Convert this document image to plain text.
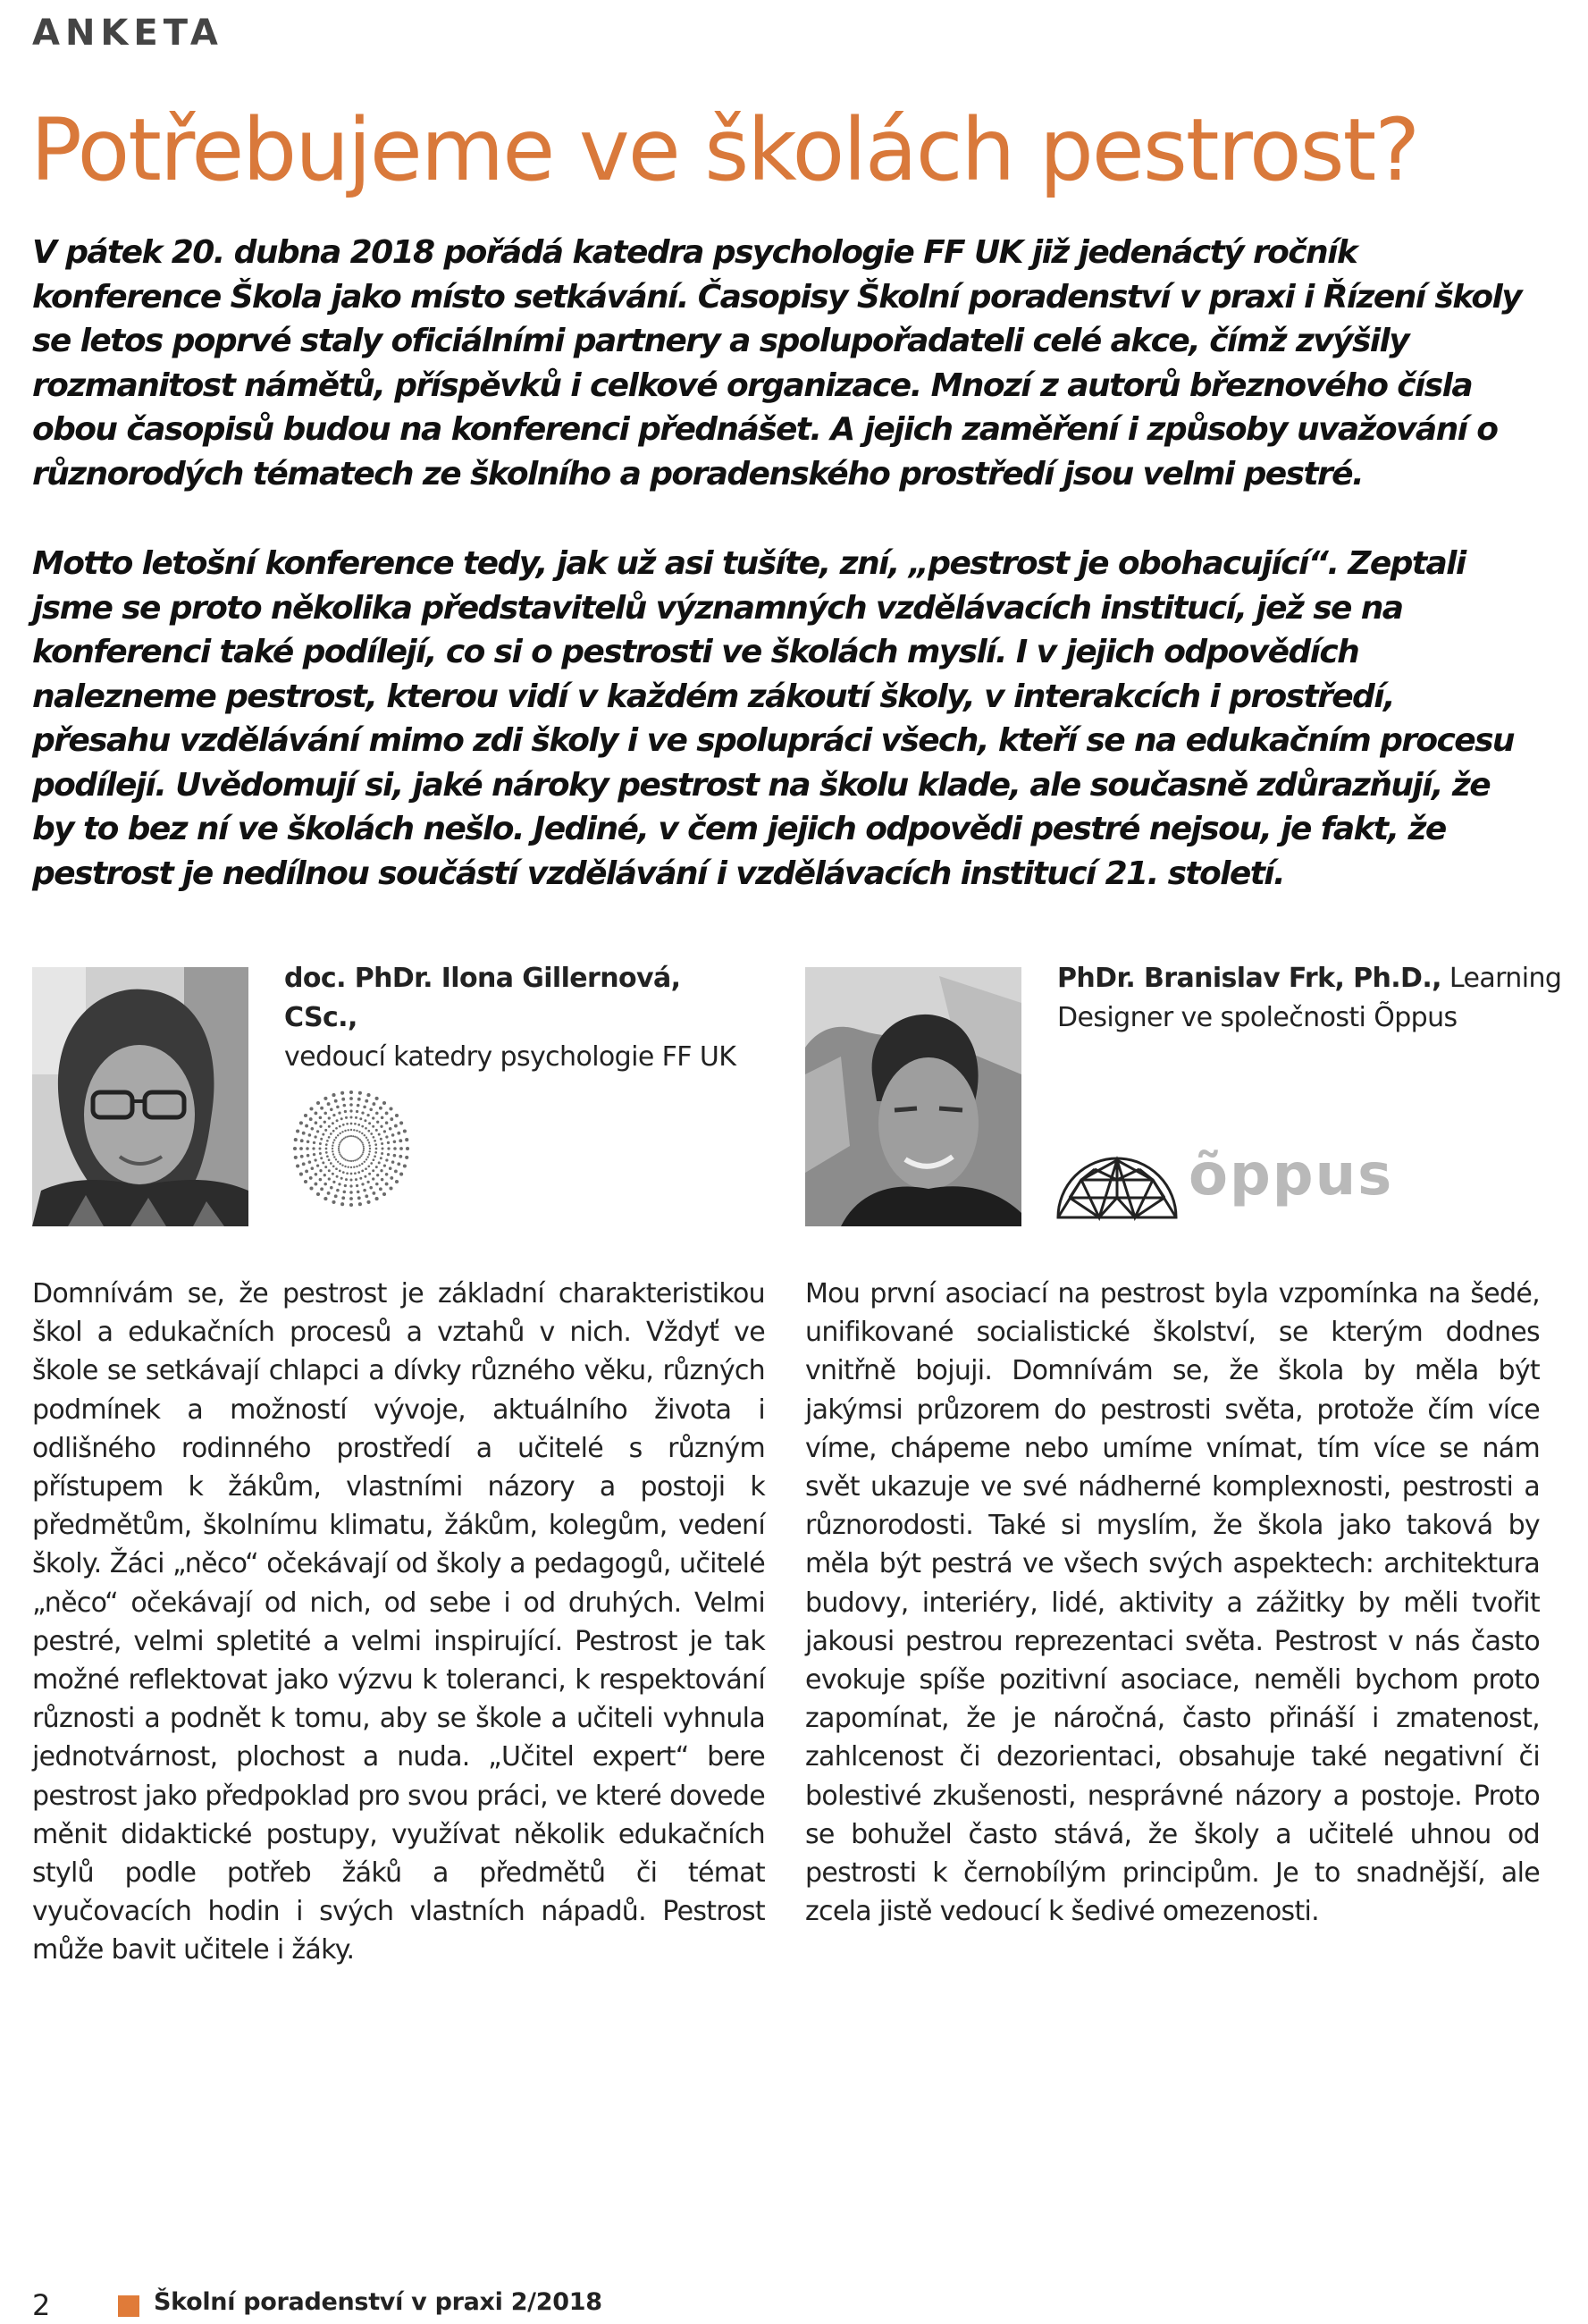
ANKETA
Potřebujeme ve školách pestrost?

V pátek 20. dubna 2018 pořádá katedra psychologie FF UK již jedenáctý ročník konference Škola jako místo setkávání. Časopisy Školní poradenství v praxi i Řízení školy se letos poprvé staly oficiálními partnery a spolupořadateli celé akce, čímž zvýšily rozmanitost námětů, příspěvků i celkové organizace. Mnozí z autorů březnového čísla obou časopisů budou na konferenci přednášet. A jejich zaměření i způsoby uvažování o různorodých tématech ze školního a poradenského prostředí jsou velmi pestré.

Motto letošní konference tedy, jak už asi tušíte, zní, „pestrost je obohacující“. Zeptali jsme se proto několika představitelů významných vzdělávacích institucí, jež se na konferenci také podílejí, co si o pestrosti ve školách myslí. I v jejich odpovědích nalezneme pestrost, kterou vidí v každém zákoutí školy, v interakcích i prostředí, přesahu vzdělávání mimo zdi školy i ve spolupráci všech, kteří se na edukačním procesu podílejí. Uvědomují si, jaké nároky pestrost na školu klade, ale současně zdůrazňují, že by to bez ní ve školách nešlo. Jediné, v čem jejich odpovědi pestré nejsou, je fakt, že pestrost je nedílnou součástí vzdělávání i vzdělávacích institucí 21. století.

doc. PhDr. Ilona Gillernová, CSc.,
vedoucí katedry psychologie FF UK

PhDr. Branislav Frk, Ph.D., Learning Designer ve společnosti Õppus

õppus

Domnívám se, že pestrost je základní charakteristikou škol a edukačních procesů a vztahů v nich. Vždyť ve škole se setkávají chlapci a dívky různého věku, různých podmínek a možností vývoje, aktuálního života i odlišného rodinného prostředí a učitelé s různým přístupem k žákům, vlastními názory a postoji k předmětům, školnímu klimatu, žákům, kolegům, vedení školy. Žáci „něco“ očekávají od školy a pedagogů, učitelé „něco“ očekávají od nich, od sebe i od druhých. Velmi pestré, velmi spletité a velmi inspirující. Pestrost je tak možné reflektovat jako výzvu k toleranci, k respektování různosti a podnět k tomu, aby se škole a učiteli vyhnula jednotvárnost, plochost a nuda. „Učitel expert“ bere pestrost jako předpoklad pro svou práci, ve které dovede měnit didaktické postupy, využívat několik edukačních stylů podle potřeb žáků a předmětů či témat vyučovacích hodin i svých vlastních nápadů. Pestrost může bavit učitele i žáky.

Mou první asociací na pestrost byla vzpomínka na šedé, unifikované socialistické školství, se kterým dodnes vnitřně bojuji. Domnívám se, že škola by měla být jakýmsi průzorem do pestrosti světa, protože čím více víme, chápeme nebo umíme vnímat, tím více se nám svět ukazuje ve své nádherné komplexnosti, pestrosti a různorodosti. Také si myslím, že škola jako taková by měla být pestrá ve všech svých aspektech: architektura budovy, interiéry, lidé, aktivity a zážitky by měli tvořit jakousi pestrou reprezentaci světa. Pestrost v nás často evokuje spíše pozitivní asociace, neměli bychom proto zapomínat, že je náročná, často přináší i zmatenost, zahlcenost či dezorientaci, obsahuje také negativní či bolestivé zkušenosti, nesprávné názory a postoje. Proto se bohužel často stává, že školy a učitelé uhnou od pestrosti k černobílým principům. Je to snadnější, ale zcela jistě vedoucí k šedivé omezenosti.

2	Školní poradenství v praxi 2/2018
